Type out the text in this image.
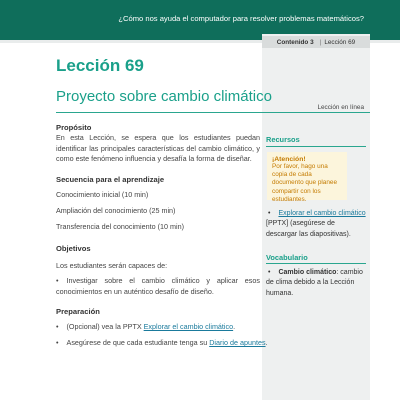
¿Cómo nos ayuda el computador para resolver problemas matemáticos?
Contenido 3 | Lección 69
Lección 69
Proyecto sobre cambio climático
Lección en línea
Propósito
En esta Lección, se espera que los estudiantes puedan identificar las principales características del cambio climático, y como este fenómeno influencia y desafía la forma de diseñar.
Secuencia para el aprendizaje
Conocimiento inicial (10 min)
Ampliación del conocimiento (25 min)
Transferencia del conocimiento (10 min)
Objetivos
Los estudiantes serán capaces de:
• Investigar sobre el cambio climático y aplicar esos conocimientos en un auténtico desafío de diseño.
Preparación
• (Opcional) vea la PPTX Explorar el cambio climático.
• Asegúrese de que cada estudiante tenga su Diario de apuntes.
Recursos
¡Atención!
Por favor, hago una copia de cada documento que planee compartir con los estudiantes.
• Explorar el cambio climático [PPTX] (asegúrese de descargar las diapositivas).
Vocabulario
• Cambio climático: cambio de clima debido a la Lección humana.
